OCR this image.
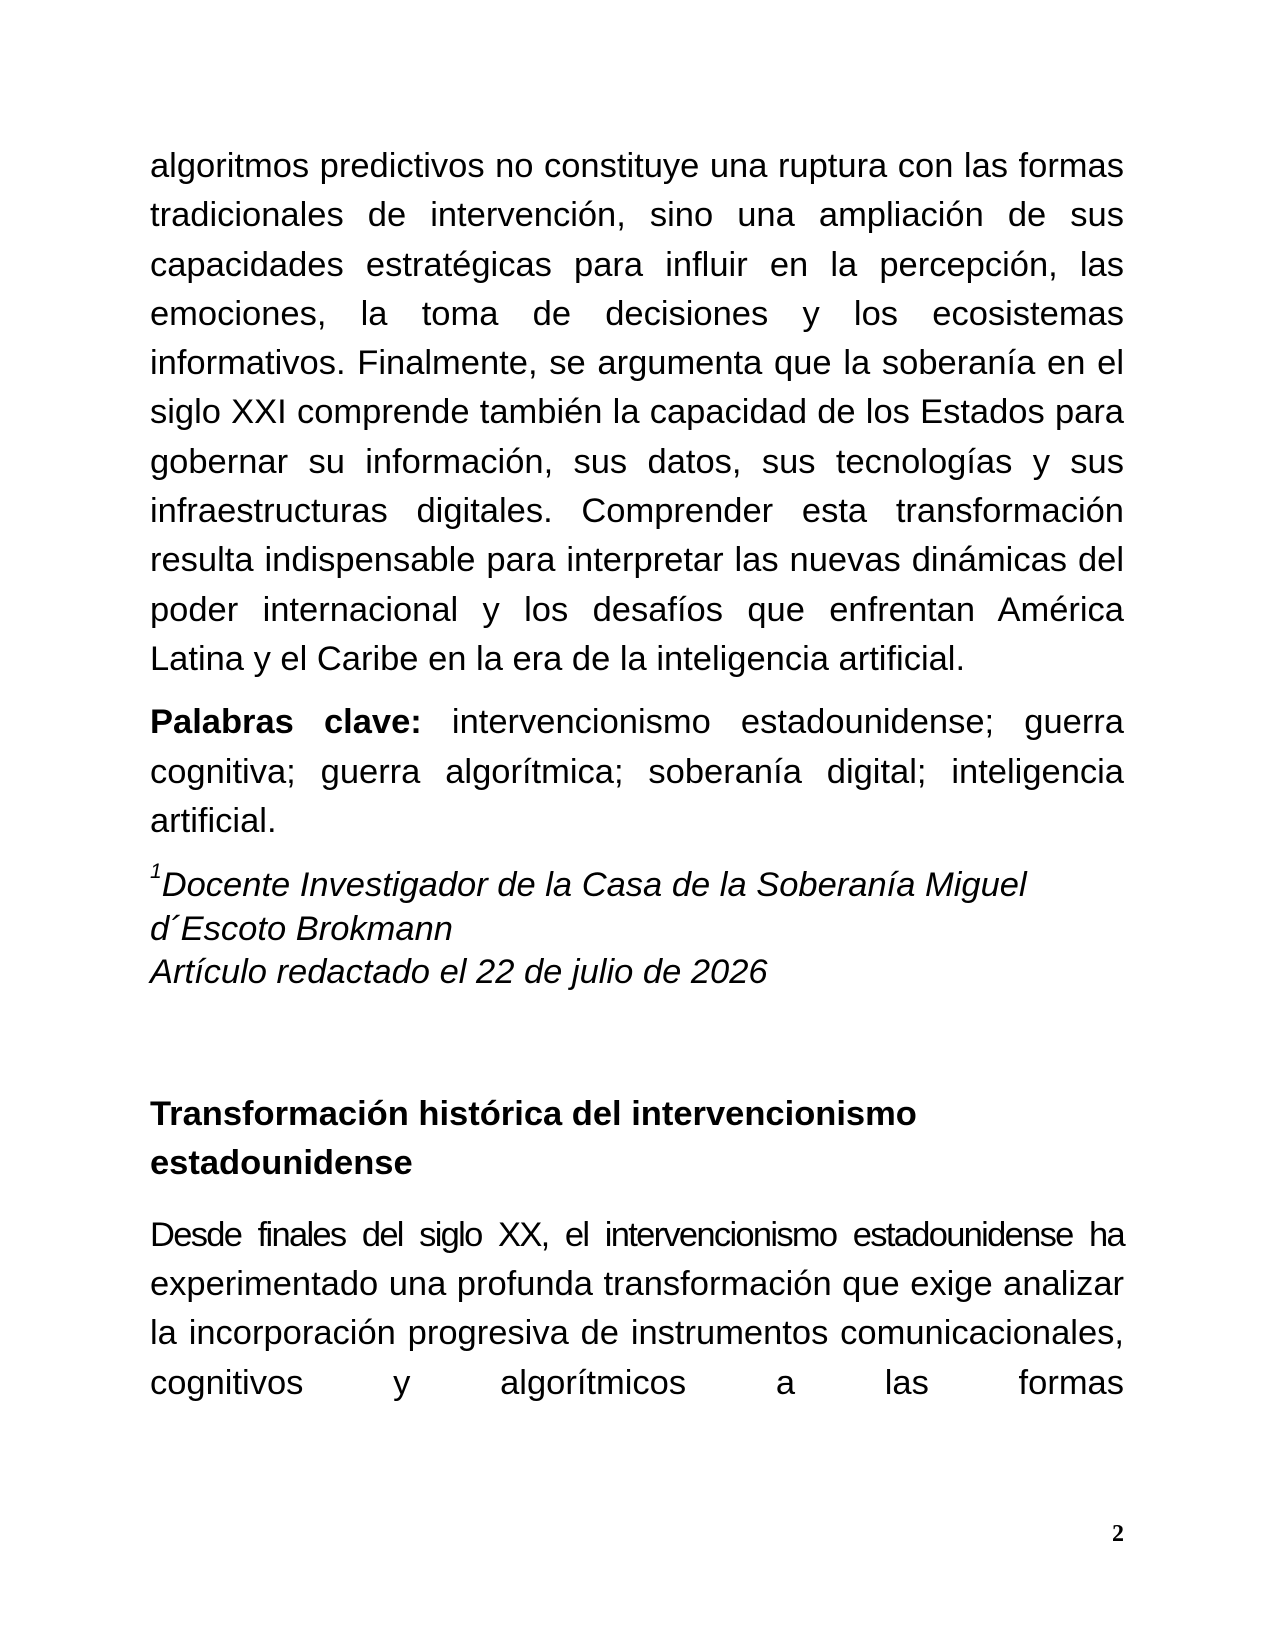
algoritmos predictivos no constituye una ruptura con las formas tradicionales de intervención, sino una ampliación de sus capacidades estratégicas para influir en la percepción, las emociones, la toma de decisiones y los ecosistemas informativos. Finalmente, se argumenta que la soberanía en el siglo XXI comprende también la capacidad de los Estados para gobernar su información, sus datos, sus tecnologías y sus infraestructuras digitales. Comprender esta transformación resulta indispensable para interpretar las nuevas dinámicas del poder internacional y los desafíos que enfrentan América Latina y el Caribe en la era de la inteligencia artificial.

Palabras clave: intervencionismo estadounidense; guerra cognitiva; guerra algorítmica; soberanía digital; inteligencia artificial.

$^1$Docente Investigador de la Casa de la Soberanía Miguel
d´Escoto Brokmann
Artículo redactado el 22 de julio de 2026
Transformación histórica del intervencionismo
estadounidense

Desde finales del siglo XX, el intervencionismo estadounidense ha
experimentado una profunda transformación que exige analizar la incorporación progresiva de instrumentos comunicacionales, cognitivos y algorítmicos a las formas

2
